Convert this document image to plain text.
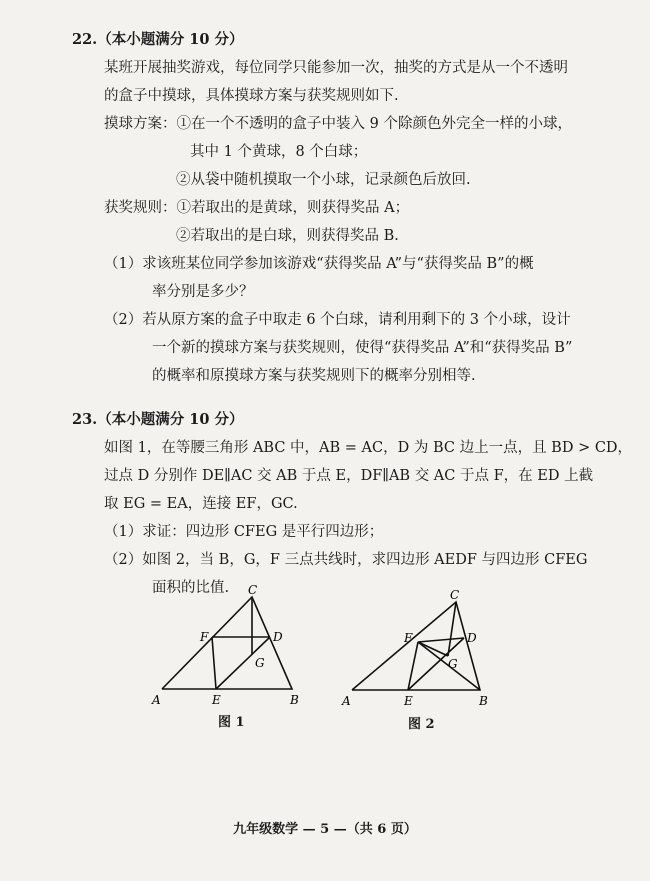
22.（本小题满分 10 分）

某班开展抽奖游戏，每位同学只能参加一次，抽奖的方式是从一个不透明

的盒子中摸球，具体摸球方案与获奖规则如下.

摸球方案：①在一个不透明的盒子中装入 9 个除颜色外完全一样的小球，

其中 1 个黄球，8 个白球；

②从袋中随机摸取一个小球，记录颜色后放回.

获奖规则：①若取出的是黄球，则获得奖品 A；

②若取出的是白球，则获得奖品 B.

（1）求该班某位同学参加该游戏“获得奖品 A”与“获得奖品 B”的概

率分别是多少？

（2）若从原方案的盒子中取走 6 个白球，请利用剩下的 3 个小球，设计

一个新的摸球方案与获奖规则，使得“获得奖品 A”和“获得奖品 B”

的概率和原摸球方案与获奖规则下的概率分别相等.

23.（本小题满分 10 分）

如图 1，在等腰三角形 ABC 中，AB = AC，D 为 BC 边上一点，且 BD > CD，

过点 D 分别作 DE∥AC 交 AB 于点 E，DF∥AB 交 AC 于点 F，在 ED 上截

取 EG = EA，连接 EF，GC.

（1）求证：四边形 CFEG 是平行四边形；

（2）如图 2，当 B，G，F 三点共线时，求四边形 AEDF 与四边形 CFEG

面积的比值.

A	B
C
D
E
F
G
图 1
A	B
C
D
E
F
G
图 2
九年级数学 — 5 —（共 6 页）
